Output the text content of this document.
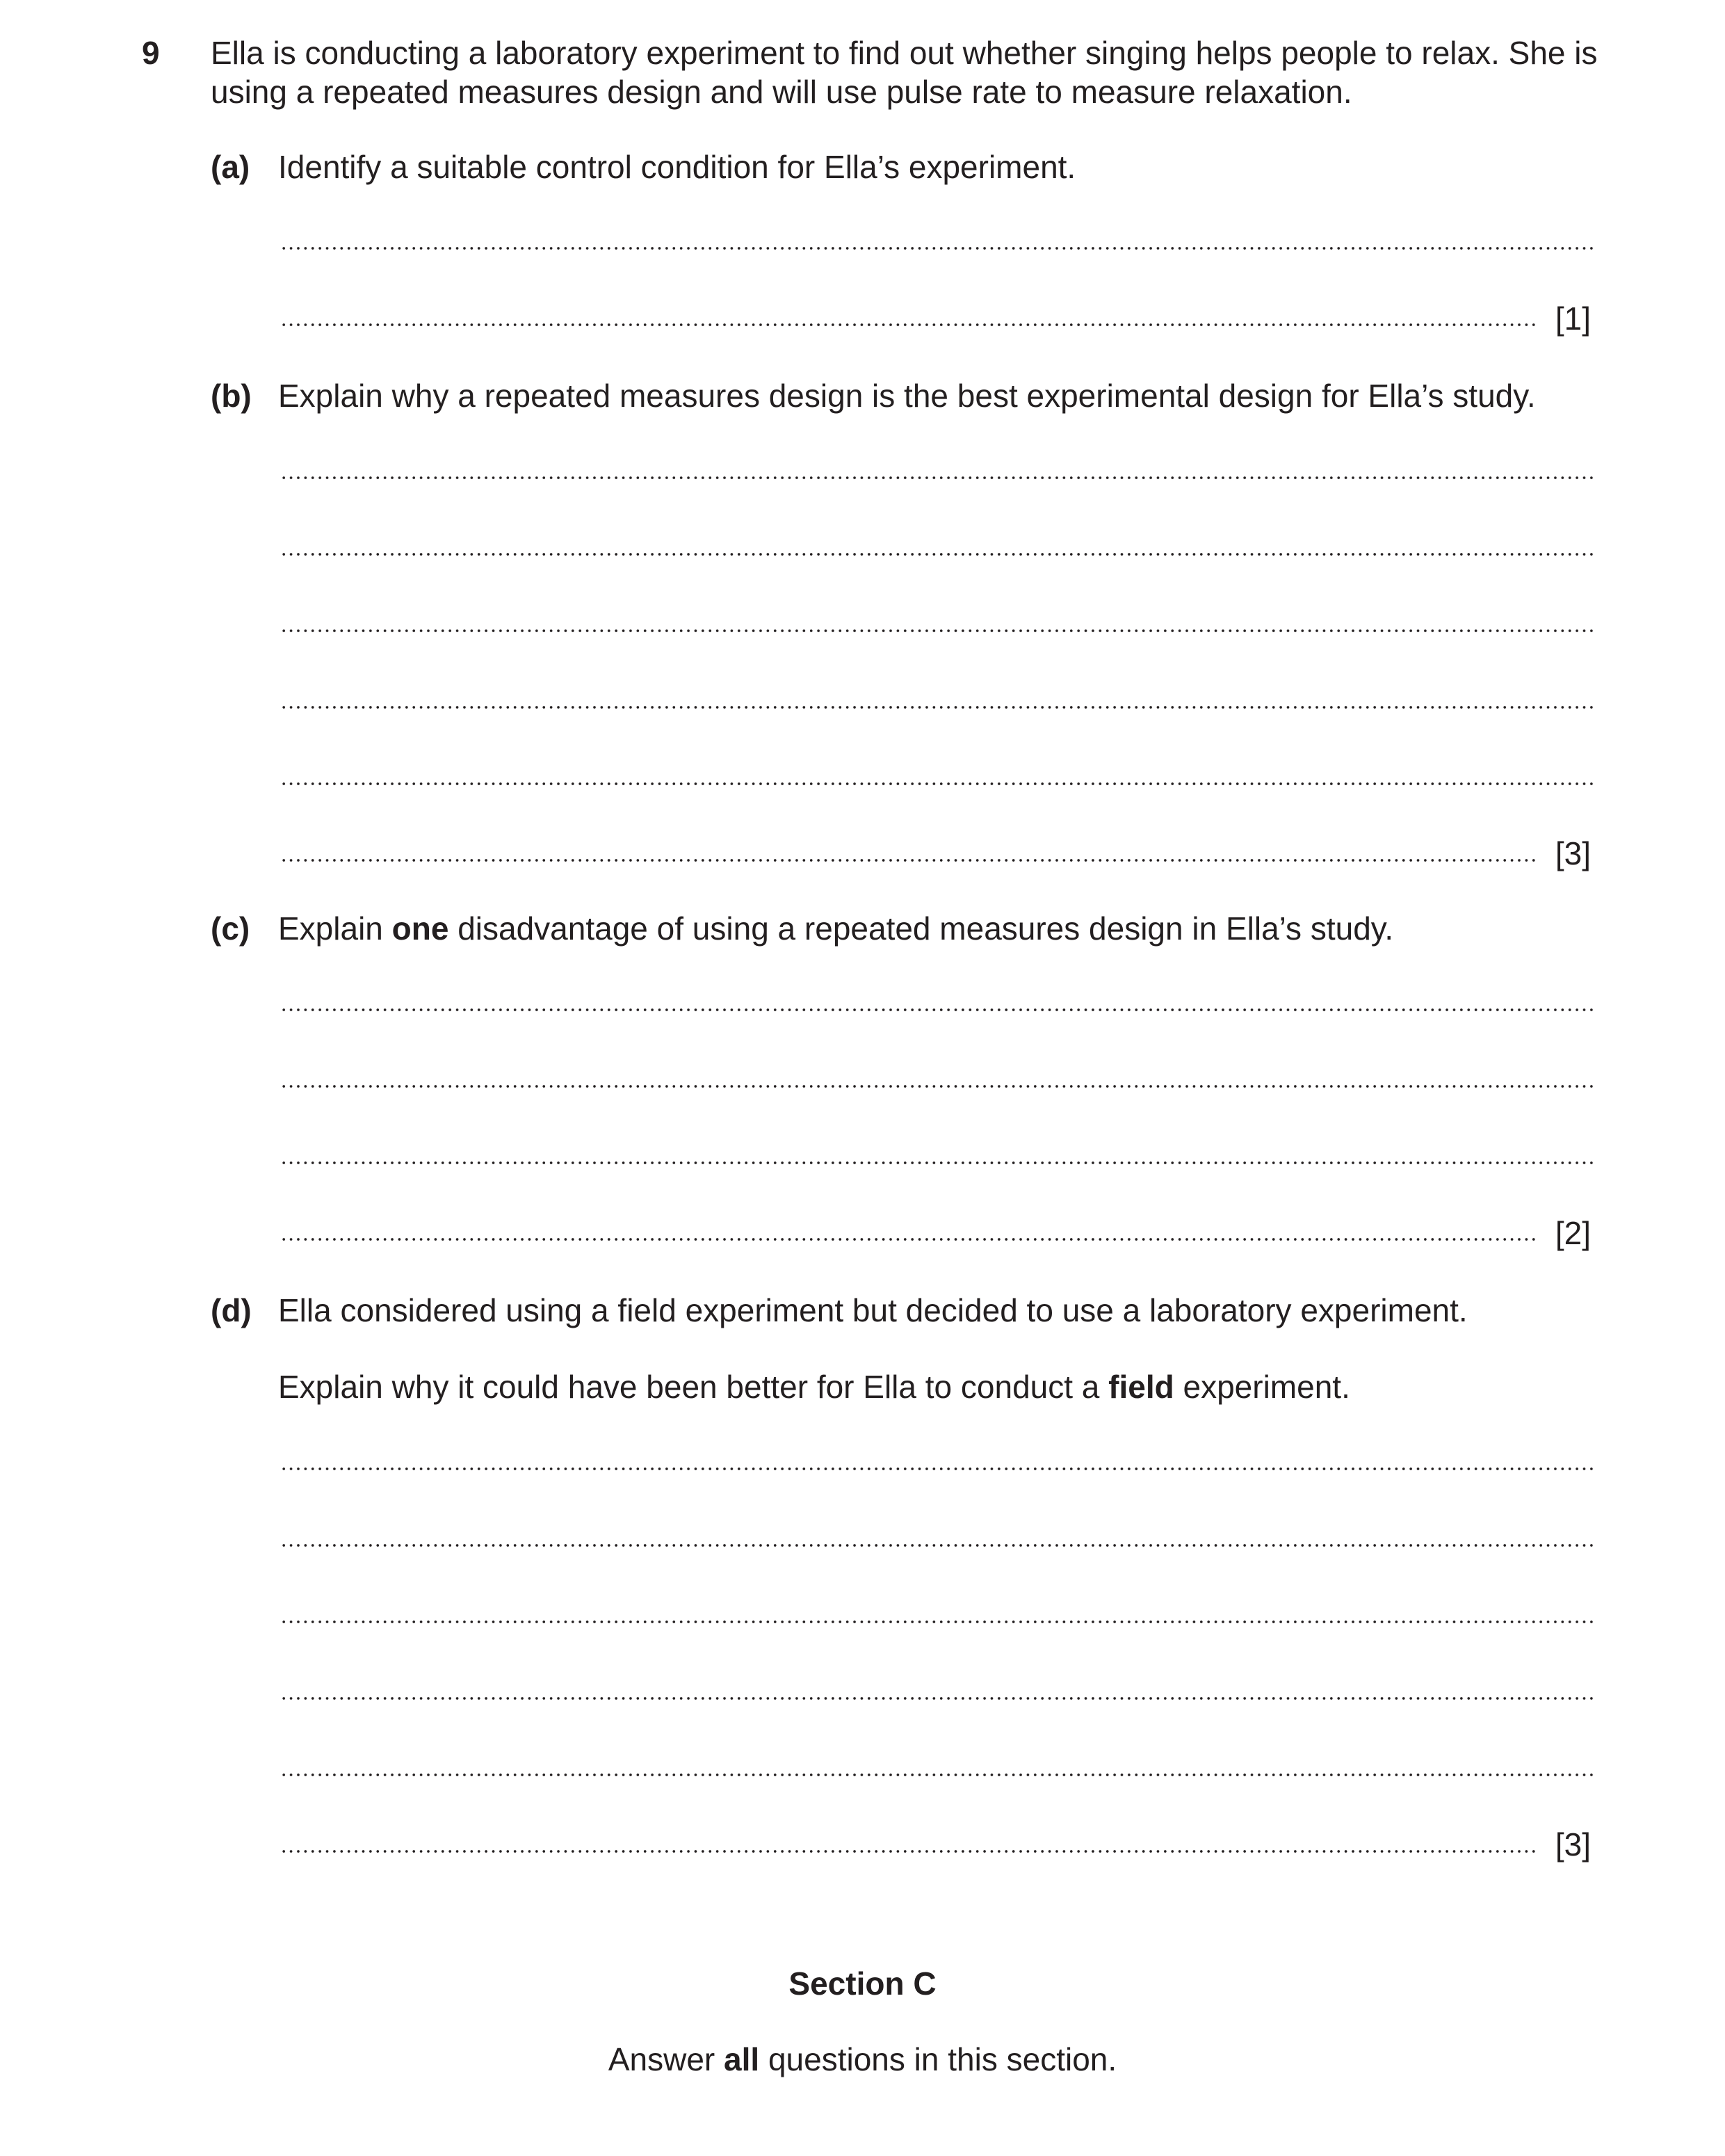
9 Ella is conducting a laboratory experiment to find out whether singing helps people to relax. She is using a repeated measures design and will use pulse rate to measure relaxation.
(a) Identify a suitable control condition for Ella’s experiment.
[1]
(b) Explain why a repeated measures design is the best experimental design for Ella’s study.
[3]
(c) Explain one disadvantage of using a repeated measures design in Ella’s study.
[2]
(d) Ella considered using a field experiment but decided to use a laboratory experiment.
Explain why it could have been better for Ella to conduct a field experiment.
[3]
Section C
Answer all questions in this section.
